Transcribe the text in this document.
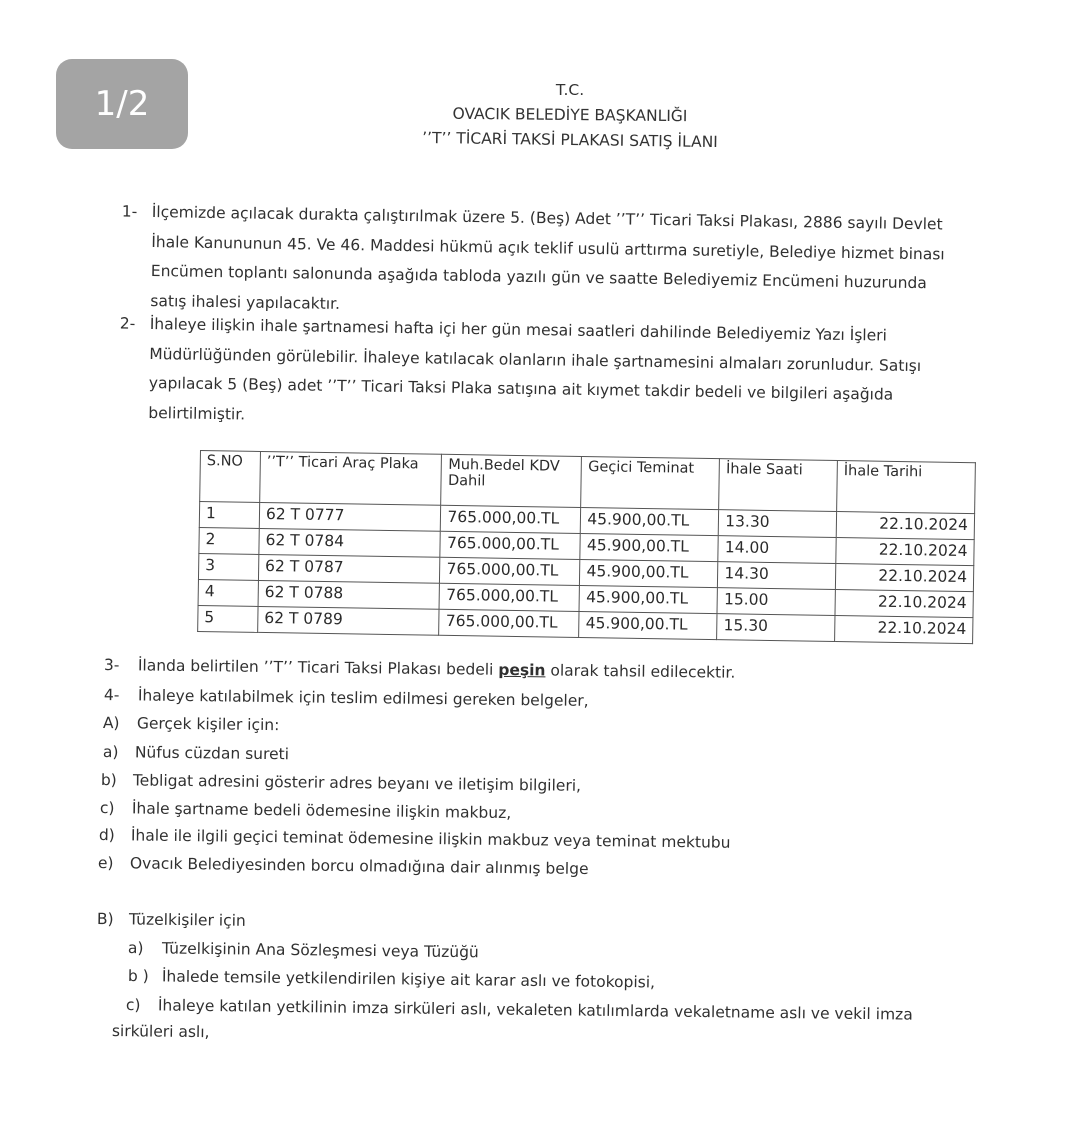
1/2	T.C.
OVACIK BELEDİYE BAŞKANLIĞI
’’T’’ TİCARİ TAKSİ PLAKASI SATIŞ İLANI
1- İlçemizde açılacak durakta çalıştırılmak üzere 5. (Beş) Adet ’’T’’ Ticari Taksi Plakası, 2886 sayılı Devlet İhale Kanununun 45. Ve 46. Maddesi hükmü açık teklif usulü arttırma suretiyle, Belediye hizmet binası Encümen toplantı salonunda aşağıda tabloda yazılı gün ve saatte Belediyemiz Encümeni huzurunda satış ihalesi yapılacaktır.
2- İhaleye ilişkin ihale şartnamesi hafta içi her gün mesai saatleri dahilinde Belediyemiz Yazı İşleri Müdürlüğünden görülebilir. İhaleye katılacak olanların ihale şartnamesini almaları zorunludur. Satışı yapılacak 5 (Beş) adet ’’T’’ Ticari Taksi Plaka satışına ait kıymet takdir bedeli ve bilgileri aşağıda belirtilmiştir.
S.NO	’’T’’ Ticari Araç Plaka	Muh.Bedel KDV Dahil	Geçici Teminat	İhale Saati	İhale Tarihi
1	62 T 0777	765.000,00.TL	45.900,00.TL	13.30	22.10.2024
2	62 T 0784	765.000,00.TL	45.900,00.TL	14.00	22.10.2024
3	62 T 0787	765.000,00.TL	45.900,00.TL	14.30	22.10.2024
4	62 T 0788	765.000,00.TL	45.900,00.TL	15.00	22.10.2024
5	62 T 0789	765.000,00.TL	45.900,00.TL	15.30	22.10.2024
3- İlanda belirtilen ’’T’’ Ticari Taksi Plakası bedeli peşin olarak tahsil edilecektir.
4- İhaleye katılabilmek için teslim edilmesi gereken belgeler,
A) Gerçek kişiler için:
a) Nüfus cüzdan sureti
b) Tebligat adresini gösterir adres beyanı ve iletişim bilgileri,
c) İhale şartname bedeli ödemesine ilişkin makbuz,
d) İhale ile ilgili geçici teminat ödemesine ilişkin makbuz veya teminat mektubu
e) Ovacık Belediyesinden borcu olmadığına dair alınmış belge
B) Tüzelkişiler için
a) Tüzelkişinin Ana Sözleşmesi veya Tüzüğü
b ) İhalede temsile yetkilendirilen kişiye ait karar aslı ve fotokopisi,
c) İhaleye katılan yetkilinin imza sirküleri aslı, vekaleten katılımlarda vekaletname aslı ve vekil imza
sirküleri aslı,
